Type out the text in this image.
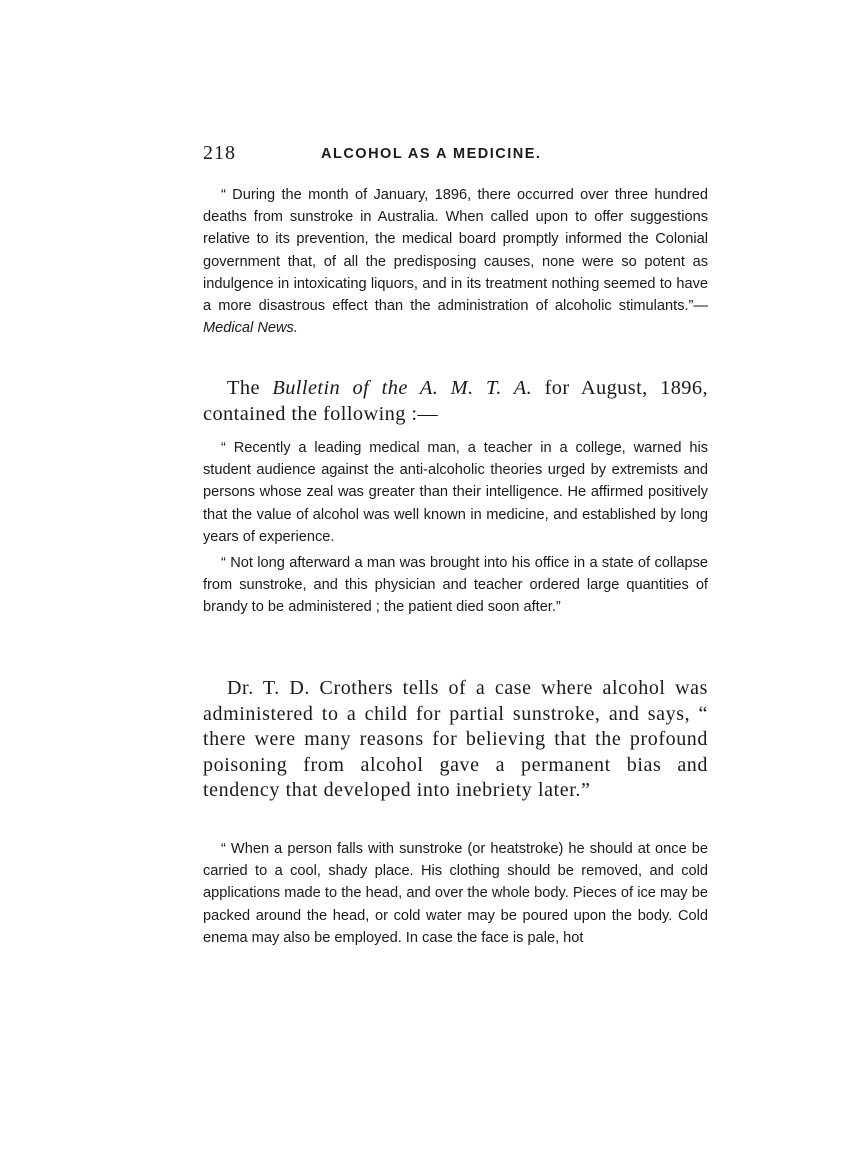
218	ALCOHOL AS A MEDICINE.

“ During the month of January, 1896, there occurred over three hundred deaths from sunstroke in Australia. When called upon to offer suggestions relative to its prevention, the medical board promptly informed the Colonial government that, of all the predisposing causes, none were so potent as indulgence in intoxicating liquors, and in its treatment nothing seemed to have a more disastrous effect than the administration of alcoholic stimulants.”—Medical News.

The Bulletin of the A. M. T. A. for August, 1896, contained the following :—

“ Recently a leading medical man, a teacher in a college, warned his student audience against the anti-alcoholic theories urged by extremists and persons whose zeal was greater than their intelligence. He affirmed positively that the value of alcohol was well known in medicine, and established by long years of experience.

“ Not long afterward a man was brought into his office in a state of collapse from sunstroke, and this physician and teacher ordered large quantities of brandy to be administered ; the patient died soon after.”

Dr. T. D. Crothers tells of a case where alcohol was administered to a child for partial sunstroke, and says, “ there were many reasons for believing that the profound poisoning from alcohol gave a permanent bias and tendency that developed into inebriety later.”

“ When a person falls with sunstroke (or heatstroke) he should at once be carried to a cool, shady place. His clothing should be removed, and cold applications made to the head, and over the whole body. Pieces of ice may be packed around the head, or cold water may be poured upon the body. Cold enema may also be employed. In case the face is pale, hot
